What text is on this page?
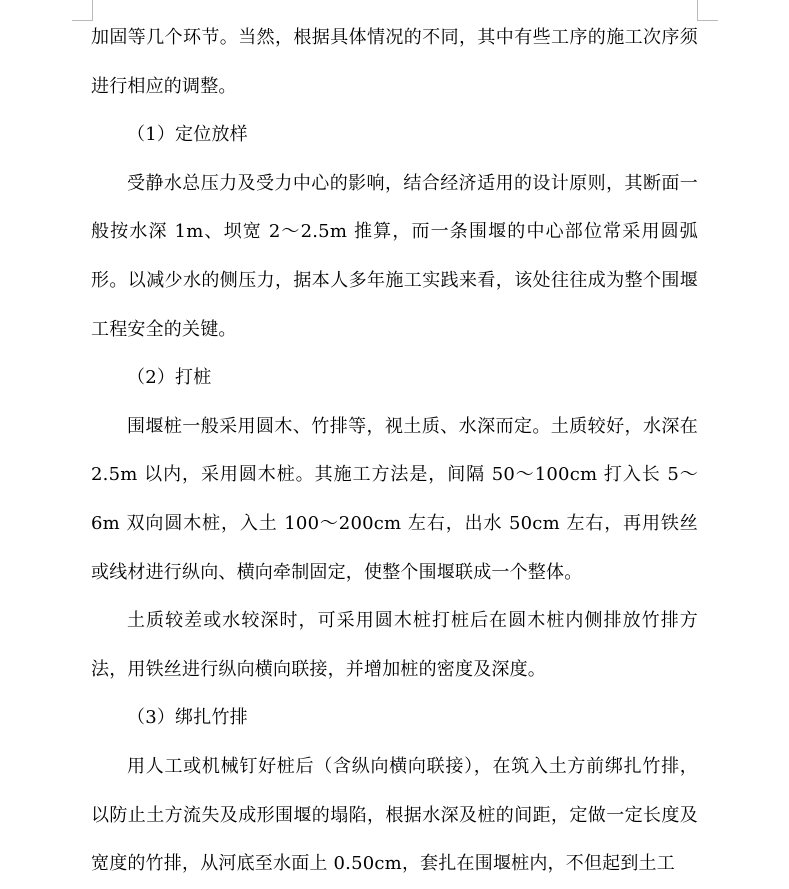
加固等几个环节。当然，根据具体情况的不同，其中有些工序的施工次序须进行相应的调整。

（1）定位放样

受静水总压力及受力中心的影响，结合经济适用的设计原则，其断面一般按水深 1m、坝宽 2～2.5m 推算，而一条围堰的中心部位常采用圆弧形。以减少水的侧压力，据本人多年施工实践来看，该处往往成为整个围堰工程安全的关键。

（2）打桩

围堰桩一般采用圆木、竹排等，视土质、水深而定。土质较好，水深在 2.5m 以内，采用圆木桩。其施工方法是，间隔 50～100cm 打入长 5～6m 双向圆木桩，入土 100～200cm 左右，出水 50cm 左右，再用铁丝或线材进行纵向、横向牵制固定，使整个围堰联成一个整体。

土质较差或水较深时，可采用圆木桩打桩后在圆木桩内侧排放竹排方法，用铁丝进行纵向横向联接，并增加桩的密度及深度。

（3）绑扎竹排

用人工或机械钉好桩后（含纵向横向联接），在筑入土方前绑扎竹排，以防止土方流失及成形围堰的塌陷，根据水深及桩的间距，定做一定长度及宽度的竹排，从河底至水面上 0.50cm，套扎在围堰桩内，不但起到土工
